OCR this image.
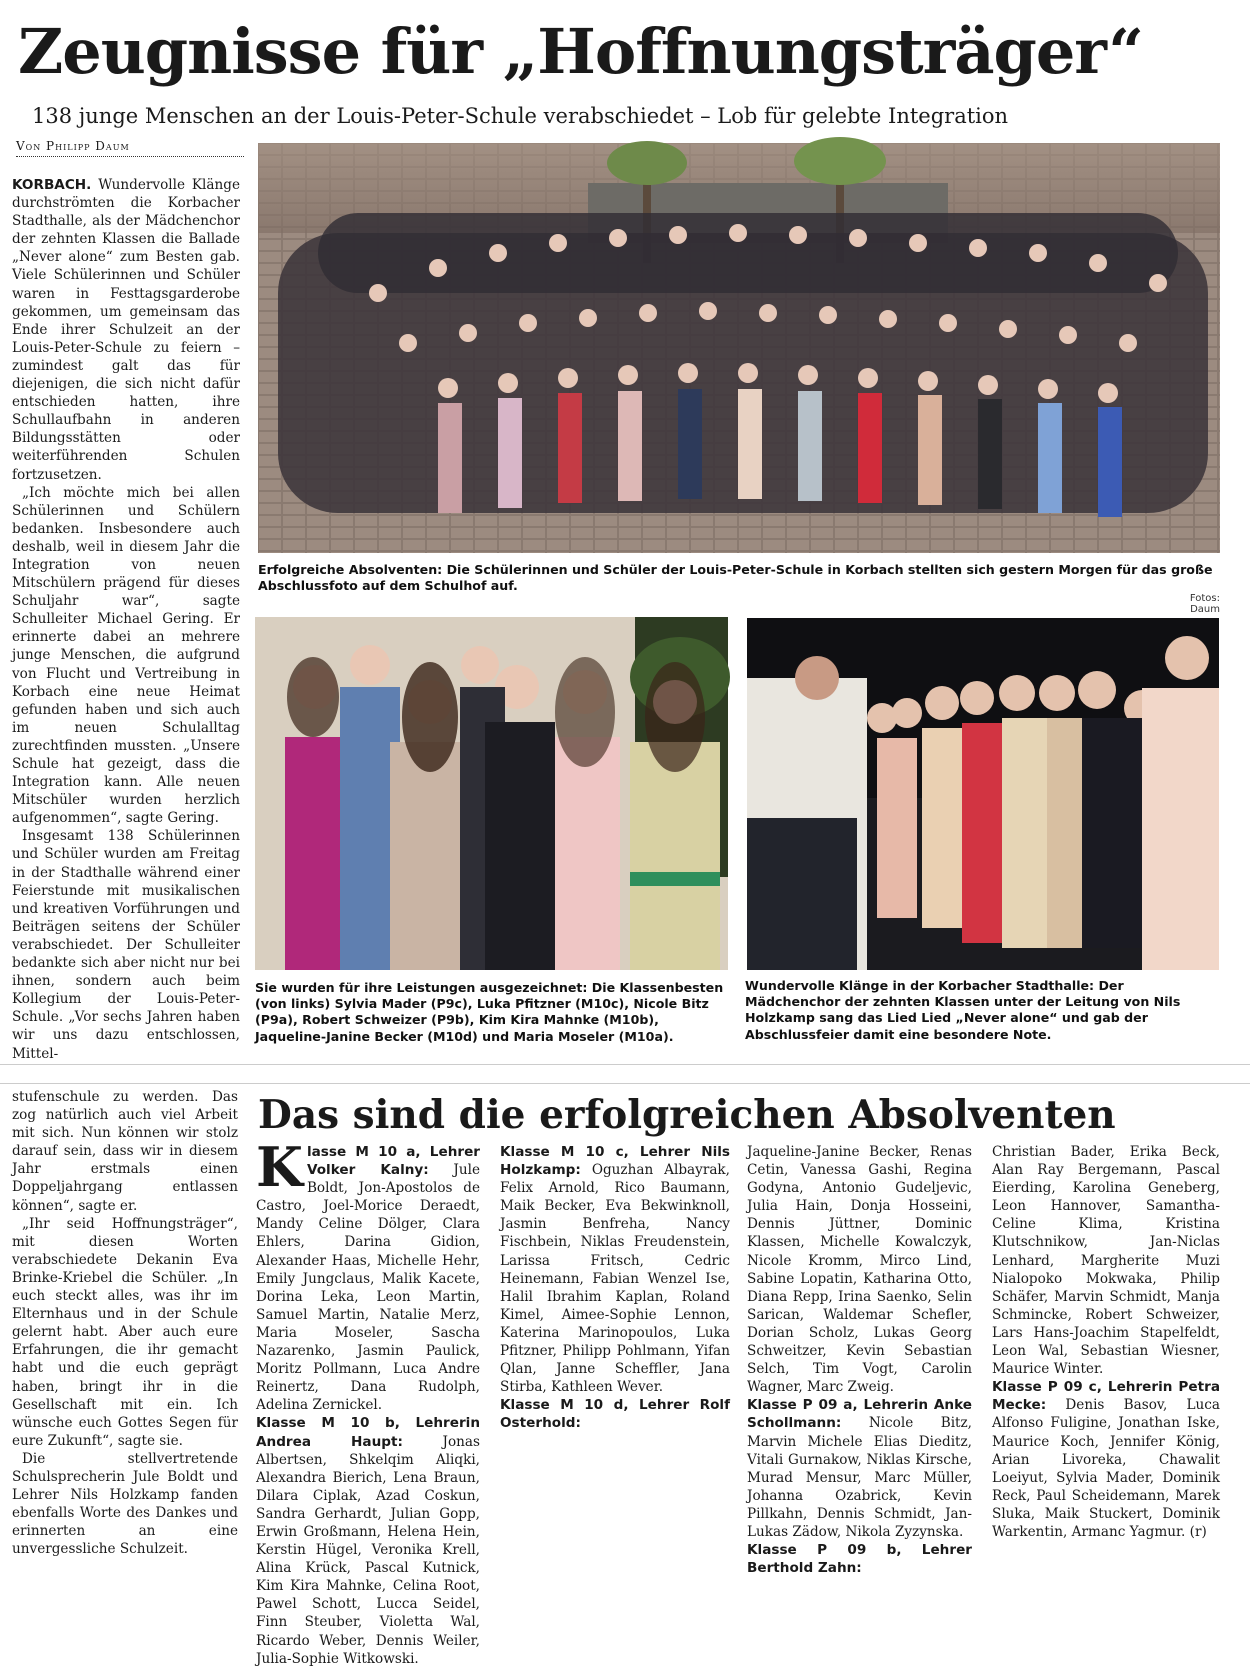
Zeugnisse für „Hoffnungsträger“
138 junge Menschen an der Louis-Peter-Schule verabschiedet – Lob für gelebte Integration
Von Philipp Daum

KORBACH. Wundervolle Klänge durchströmten die Korbacher Stadthalle, als der Mädchenchor der zehnten Klassen die Ballade „Never alone“ zum Besten gab. Viele Schülerinnen und Schüler waren in Festtagsgarderobe gekommen, um gemeinsam das Ende ihrer Schulzeit an der Louis-Peter-Schule zu feiern – zumindest galt das für diejenigen, die sich nicht dafür entschieden hatten, ihre Schullaufbahn in anderen Bildungsstätten oder weiterführenden Schulen fortzusetzen.

„Ich möchte mich bei allen Schülerinnen und Schülern bedanken. Insbesondere auch deshalb, weil in diesem Jahr die Integration von neuen Mitschülern prägend für dieses Schuljahr war“, sagte Schulleiter Michael Gering. Er erinnerte dabei an mehrere junge Menschen, die aufgrund von Flucht und Vertreibung in Korbach eine neue Heimat gefunden haben und sich auch im neuen Schulalltag zurechtfinden mussten. „Unsere Schule hat gezeigt, dass die Integration kann. Alle neuen Mitschüler wurden herzlich aufgenommen“, sagte Gering.

Insgesamt 138 Schülerinnen und Schüler wurden am Freitag in der Stadthalle während einer Feierstunde mit musikalischen und kreativen Vorführungen und Beiträgen seitens der Schüler verabschiedet. Der Schulleiter bedankte sich aber nicht nur bei ihnen, sondern auch beim Kollegium der Louis-Peter-Schule. „Vor sechs Jahren haben wir uns dazu entschlossen, Mittel-

Erfolgreiche Absolventen: Die Schülerinnen und Schüler der Louis-Peter-Schule in Korbach stellten sich gestern Morgen für das große Abschlussfoto auf dem Schulhof auf.
Fotos: Daum
Sie wurden für ihre Leistungen ausgezeichnet: Die Klassenbesten (von links) Sylvia Mader (P9c), Luka Pfitzner (M10c), Nicole Bitz (P9a), Robert Schweizer (P9b), Kim Kira Mahnke (M10b), Jaqueline-Janine Becker (M10d) und Maria Moseler (M10a).
Wundervolle Klänge in der Korbacher Stadthalle: Der Mädchenchor der zehnten Klassen unter der Leitung von Nils Holzkamp sang das Lied Lied „Never alone“ und gab der Abschlussfeier damit eine besondere Note.

stufenschule zu werden. Das zog natürlich auch viel Arbeit mit sich. Nun können wir stolz darauf sein, dass wir in diesem Jahr erstmals einen Doppeljahrgang entlassen können“, sagte er.

„Ihr seid Hoffnungsträger“, mit diesen Worten verabschiedete Dekanin Eva Brinke-Kriebel die Schüler. „In euch steckt alles, was ihr im Elternhaus und in der Schule gelernt habt. Aber auch eure Erfahrungen, die ihr gemacht habt und die euch geprägt haben, bringt ihr in die Gesellschaft mit ein. Ich wünsche euch Gottes Segen für eure Zukunft“, sagte sie.

Die stellvertretende Schulsprecherin Jule Boldt und Lehrer Nils Holzkamp fanden ebenfalls Worte des Dankes und erinnerten an eine unvergessliche Schulzeit.

Das sind die erfolgreichen Absolventen
K lasse M 10 a, Lehrer Volker Kalny: Jule Boldt, Jon-Apostolos de Castro, Joel-Morice Deraedt, Mandy Celine Dölger, Clara Ehlers, Darina Gidion, Alexander Haas, Michelle Hehr, Emily Jungclaus, Malik Kacete, Dorina Leka, Leon Martin, Samuel Martin, Natalie Merz, Maria Moseler, Sascha Nazarenko, Jasmin Paulick, Moritz Pollmann, Luca Andre Reinertz, Dana Rudolph, Adelina Zernickel.
Klasse M 10 b, Lehrerin Andrea Haupt:	Jonas Albertsen, Shkelqim Aliqki, Alexandra Bierich, Lena Braun, Dilara Ciplak, Azad Coskun, Sandra Gerhardt, Julian Gopp, Erwin Großmann, Helena Hein, Kerstin Hügel, Veronika Krell, Alina Krück, Pascal Kutnick, Kim Kira Mahnke, Celina Root, Pawel Schott, Lucca Seidel, Finn Steuber, Violetta Wal, Ricardo Weber, Dennis Weiler, Julia-Sophie Witkowski.
Klasse M 10 c, Lehrer Nils Holzkamp: Oguzhan Albayrak, Felix Arnold, Rico Baumann, Maik Becker, Eva Bekwinknoll, Jasmin Benfreha, Nancy Fischbein, Niklas Freudenstein, Larissa Fritsch, Cedric Heinemann, Fabian Wenzel Ise, Halil Ibrahim Kaplan, Roland Kimel, Aimee-Sophie Lennon, Katerina Marinopoulos, Luka Pfitzner, Philipp Pohlmann, Yifan Qlan, Janne Scheffler, Jana Stirba, Kathleen Wever.
Klasse M 10 d, Lehrer Rolf Osterhold:
Jaqueline-Janine Becker, Renas Cetin, Vanessa Gashi, Regina Godyna, Antonio Gudeljevic, Julia Hain, Donja Hosseini, Dennis Jüttner, Dominic Klassen, Michelle Kowalczyk, Nicole Kromm, Mirco Lind, Sabine Lopatin, Katharina Otto, Diana Repp, Irina Saenko, Selin Sarican, Waldemar Schefler, Dorian Scholz, Lukas Georg Schweitzer, Kevin Sebastian Selch, Tim Vogt, Carolin Wagner, Marc Zweig.
Klasse P 09 a, Lehrerin Anke Schollmann: Nicole Bitz, Marvin Michele Elias Dieditz, Vitali Gurnakow, Niklas Kirsche, Murad Mensur, Marc Müller, Johanna Ozabrick, Kevin Pillkahn, Dennis Schmidt, Jan-Lukas Zädow, Nikola Zyzynska.
Klasse P 09 b, Lehrer Berthold Zahn:
Christian Bader, Erika Beck, Alan Ray Bergemann, Pascal Eierding, Karolina Geneberg, Leon Hannover, Samantha-Celine Klima, Kristina Klutschnikow, Jan-Niclas Lenhard, Margherite Muzi Nialopoko Mokwaka, Philip Schäfer, Marvin Schmidt, Manja Schmincke, Robert Schweizer, Lars Hans-Joachim Stapelfeldt, Leon Wal, Sebastian Wiesner, Maurice Winter.
Klasse P 09 c, Lehrerin Petra Mecke: Denis Basov, Luca Alfonso Fuligine, Jonathan Iske, Maurice Koch, Jennifer König, Arian Livoreka, Chawalit Loeiyut, Sylvia Mader, Dominik Reck, Paul Scheidemann, Marek Sluka, Maik Stuckert, Dominik Warkentin, Armanc Yagmur. (r)
